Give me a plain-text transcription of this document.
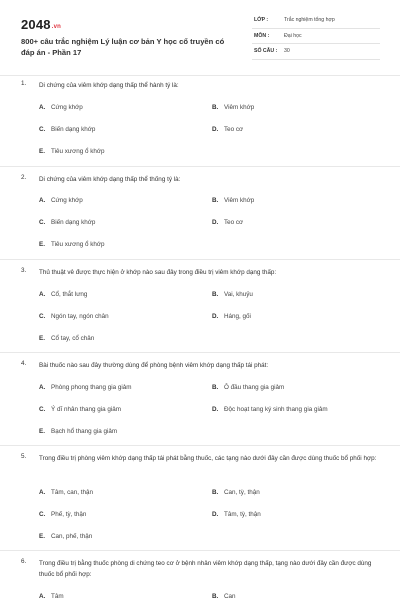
2048.vn
800+ câu trắc nghiệm Lý luận cơ bản Y học cổ truyền có đáp án - Phần 17
LỚP :	Trắc nghiệm tổng hợp
MÔN :	Đại học
SỐ CÂU : 30
1. Di chứng của viêm khớp dạng thấp thể hành tý là:
A. Cứng khớp	B. Viêm khớp
C. Biến dạng khớp	D. Teo cơ
E. Tiêu xương ổ khớp
2. Di chứng của viêm khớp dạng thấp thể thống tý là:
A. Cứng khớp	B. Viêm khớp
C. Biến dạng khớp	D. Teo cơ
E. Tiêu xương ổ khớp
3. Thủ thuật vê được thực hiện ở khớp nào sau đây trong điều trị viêm khớp dạng thấp:
A. Cổ, thắt lưng	B. Vai, khuỷu
C. Ngón tay, ngón chân	D. Háng, gối
E. Cổ tay, cổ chân
4. Bài thuốc nào sau đây thường dùng để phòng bệnh viêm khớp dạng thấp tái phát:
A. Phòng phong thang gia giảm	B. Ô đầu thang gia giảm
C. Ý dĩ nhân thang gia giảm	D. Độc hoạt tang ký sinh thang gia giảm
E. Bạch hổ thang gia giảm
5. Trong điều trị phòng viêm khớp dạng thấp tái phát bằng thuốc, các tạng nào dưới đây cần được dùng thuốc bổ phối hợp:
A. Tâm, can, thận	B. Can, tỳ, thận
C. Phế, tỳ, thận	D. Tâm, tỳ, thận
E. Can, phế, thận
6. Trong điều trị bằng thuốc phòng di chứng teo cơ ở bệnh nhân viêm khớp dạng thấp, tạng nào dưới đây cần được dùng thuốc bổ phối hợp:
A. Tâm	B. Can
